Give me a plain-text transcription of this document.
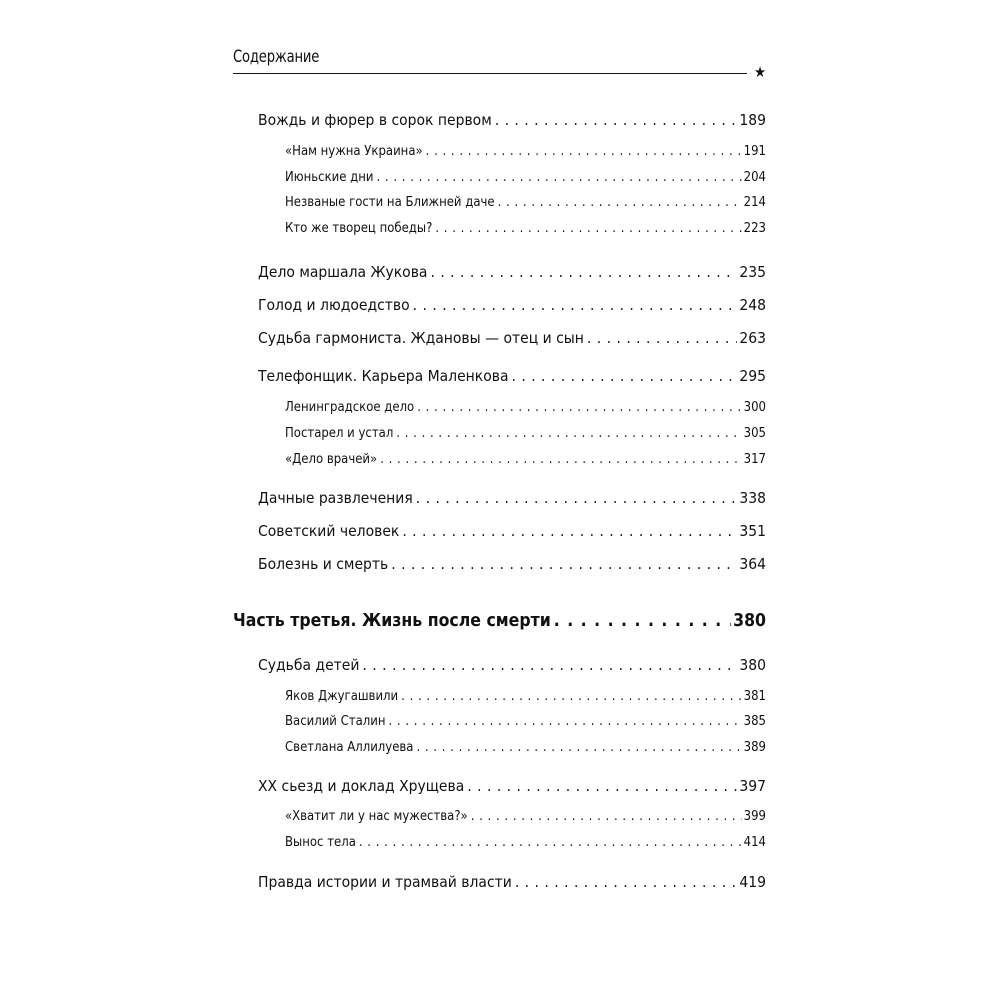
Содержание
★
Вождь и фюрер в сорок первом . . .	189
«Нам нужна Украина» . . .	191
Июньские дни . . .	204
Незваные гости на Ближней даче . . .	214
Кто же творец победы? . . .	223
Дело маршала Жукова . . .	235
Голод и людоедство . . .	248
Судьба гармониста. Ждановы — отец и сын . . .	263
Телефонщик. Карьера Маленкова . . .	295
Ленинградское дело . . .	300
Постарел и устал . . .	305
«Дело врачей» . . .	317
Дачные развлечения . . .	338
Советский человек . . .	351
Болезнь и смерть . . .	364
Часть третья. Жизнь после смерти . . .	380
Судьба детей . . .	380
Яков Джугашвили . . .	381
Василий Сталин . . .	385
Светлана Аллилуева . . .	389
XX сьезд и доклад Хрущева . . .	397
«Хватит ли у нас мужества?» . . .	399
Вынос тела . . .	414
Правда истории и трамвай власти . . .	419
